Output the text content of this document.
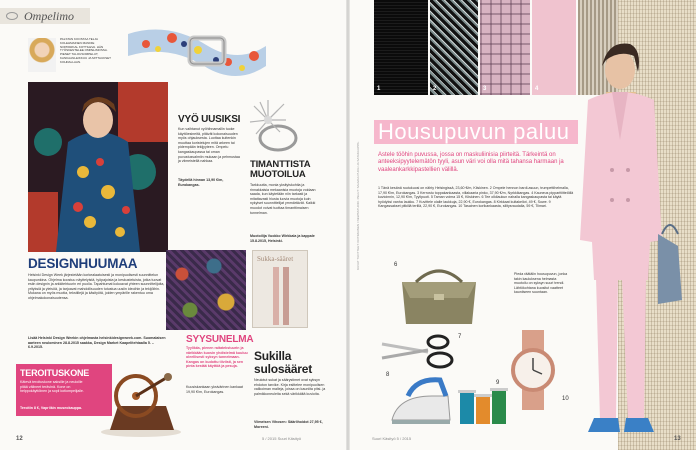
Ompelimo
PALSTAN KOOSTAA TELJA KOLEHMAINEN MANDIE NOPPARKAL KOTTILEVA. HÄN TYÖSKENTELEE OMPELIMOSSA. PIENET TALOUSOMPELUT, KANKAANLEIKKUU JA MITTAUKSET KOHDALLAAN.
VYÖ UUSIKSI
Kun vaihtanut vyöhihnamallin tuoke käyttöesineitä, pitävät kokonaisuuden myös ohjauksesta. Luottaa kuitenkin muuttaa koristelujen mitä arkeen tai pidempään tekijyyteen. Ompelu kangaskaupassa tai oman puvustusvalmiin mukaan ja pehmustaa ja viimeistellä nahkaa.
Täydellä hinnan 13,90 €/m, Eurokangas.
TIMANTTISTA MUOTOILUA
Tarkkuutta, monia yksityiskohtia ja rinnakkaisia mekaanisia muotoja voidaan saada, kun käytetään niin tarkasti ja mitattavasti hiusta luovia muotoja kuin nykyiset suunnittelijat ymmärtävät. Kaikki muodot voivat tuottaa timanttimaisen tunnelman.
Muotoilija Vuokko Wirkkala ja kappale 15.8.2015, Helsinki.
DESIGNHUUMAA
Helsinki Design Week järjestetään korkealaatuisesti ja monipuolisesti suunnittelun kaupunkina. Ohjelma koostuu näyttelyistä, työpajoista ja keskusteluista, jotka tuovat esiin designin ja arkkitehtuurin eri puolia. Tapahtumat kokoavat yhteen suunnittelijoita, yrityksiä ja yleisöä, ja tarjoavat mahdollisuuden tutustua uusiin ideoihin ja tekijöihin. Mukana on myös muotia, tekstiilejä ja käsityötä, joiden ympärille rakentuu oma ohjelmakokonaisuutensa.
Lisää Helsinki Design Weekin ohjelmasta helsinkidesignweek.com. Suomalaisen aarteen neulominen 28.8.2015 saakka, Design Market Kaapelitehtaalla 5. – 6.9.2015.
Sukka-sääret
SYYSUNELMA
Tyylikäs, pienen raitatekstuurin ja värikkään kuosin yhdistelmä kuuluu oleellisesti syksyn tunnelmaan. Kangas on kudottu tiiviisti, ja sen pinta kestää käyttöä ja pesuja.
Kuusiskankaan yksivärinen kankaat 19,90 €/m, Eurokangas.
Sukilla sulosääret
Neulotut sukat ja säärystimet ovat syksyn ehdoton tarvike. Kirja esittelee monipuolisen valikoiman malleja, joissa on kauniita pitsi- ja palmikkoneuleita sekä värikkäitä kuvioita.
Viimeisen Vihosen: Säärlihoidot 27,95 €, Moreeni.
TEROITUSKONE
Kätevä teroituskone saksille ja neuloille pitää välineet terävinä. Kone on helppokäyttöinen ja sopii kotiompelijalle.
Teroitin 8 €, Vapriikin museokauppa.
12	5 / 2015 Suuri Käsityö
1	2	3	4
Housupuvun paluu
Astele tööhin puvussa, jossa on maskuliinisia piirteitä. Tärkeintä on anteeksipyytelemätön tyyli, asun väri voi olla mitä tahansa harmaan ja vaaleankarkkipastellien välillä.
1 Tänä kesänä ruutukuosi on nähty Helsingissä, 23,60 €/m, Kiiskinen. 2 Ompele hennon bardi-asuun, trumpettihelmalla, 17,90 €/m, Eurokangas. 3 Kerrostu toppakankaasta, villakaaria pinko, 37,90 €/m, Nyrkkikangas. 4 Kauneus pipparitiittelöllä kuvioinnin, 12,90 €/m, Tyylipuoti. 5 Taman voima 15 €, Kiiskinen. 6 Tee olkilaukun nahalla kangaskaupasta tai käytä hyödyksi vanha laukku. 7 Kuvittele olalle laukkuja, 22,90 €, Eurokangas. 8 Kirkkaat kultakellot, 49 €, Sowe. 9 Kangassakset pitkillä terillä, 22,90 €, Eurokangas. 10 Tasainen korikankaasta, silitysraudalla, 59 €, Tiimari.
KUVAT TUOTTEET: KOTIMAINEN / NEWSSTUDIO. PELUT: SALMAA PUOLI JA SATAKAUPPA.	6
7
8
9
10
Pieda räätälin housupuvun, jonka takin kauluksena helmasta muotoilu on syksyn suuri trendi. Lähtökohtana kuositut vaatteet kauniiseen suuntaan.
13
Suuri Käsityö 5 / 2015
